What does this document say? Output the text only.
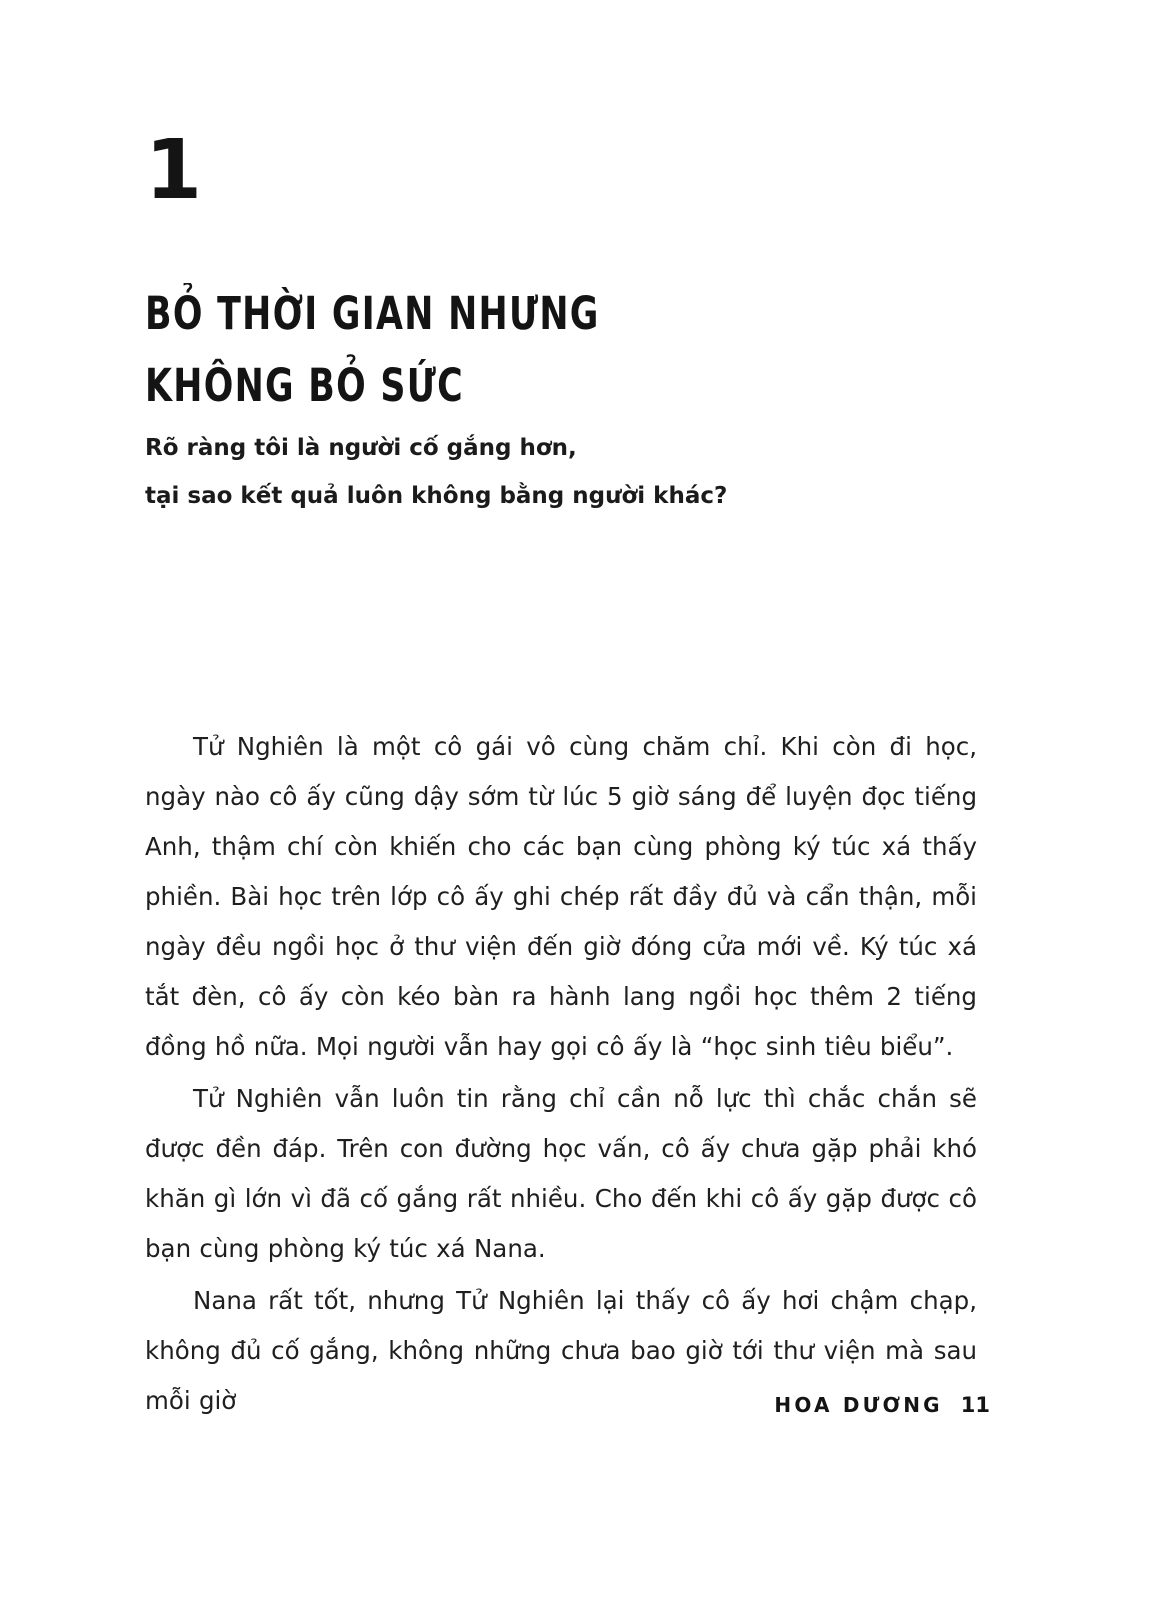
1
BỎ THỜI GIAN NHƯNG
KHÔNG BỎ SỨC
Rõ ràng tôi là người cố gắng hơn,
tại sao kết quả luôn không bằng người khác?

Tử Nghiên là một cô gái vô cùng chăm chỉ. Khi còn đi học, ngày nào cô ấy cũng dậy sớm từ lúc 5 giờ sáng để luyện đọc tiếng Anh, thậm chí còn khiến cho các bạn cùng phòng ký túc xá thấy phiền. Bài học trên lớp cô ấy ghi chép rất đầy đủ và cẩn thận, mỗi ngày đều ngồi học ở thư viện đến giờ đóng cửa mới về. Ký túc xá tắt đèn, cô ấy còn kéo bàn ra hành lang ngồi học thêm 2 tiếng đồng hồ nữa. Mọi người vẫn hay gọi cô ấy là “học sinh tiêu biểu”.

Tử Nghiên vẫn luôn tin rằng chỉ cần nỗ lực thì chắc chắn sẽ được đền đáp. Trên con đường học vấn, cô ấy chưa gặp phải khó khăn gì lớn vì đã cố gắng rất nhiều. Cho đến khi cô ấy gặp được cô bạn cùng phòng ký túc xá Nana.

Nana rất tốt, nhưng Tử Nghiên lại thấy cô ấy hơi chậm chạp, không đủ cố gắng, không những chưa bao giờ tới thư viện mà sau mỗi giờ	HOA DƯƠNG 11
